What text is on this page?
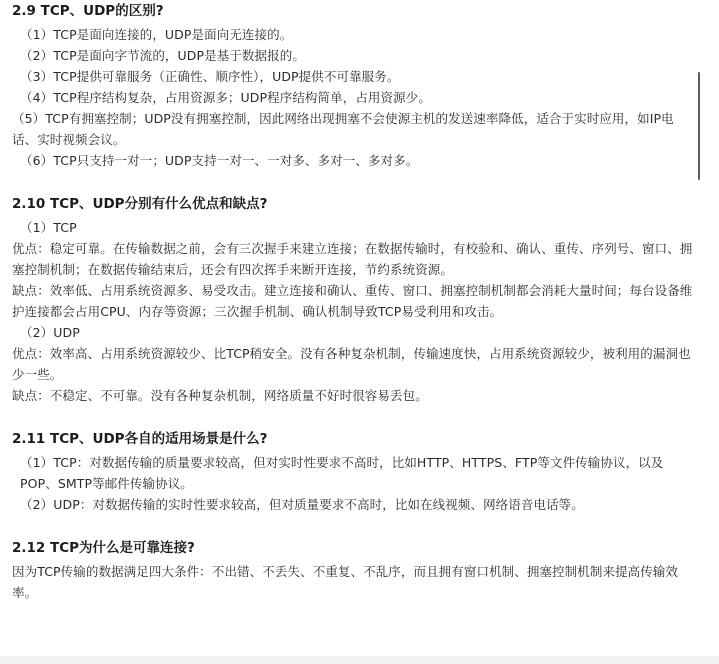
2.9 TCP、UDP的区别?

（1）TCP是面向连接的，UDP是面向无连接的。

（2）TCP是面向字节流的，UDP是基于数据报的。

（3）TCP提供可靠服务（正确性、顺序性），UDP提供不可靠服务。

（4）TCP程序结构复杂，占用资源多；UDP程序结构简单，占用资源少。

（5）TCP有拥塞控制；UDP没有拥塞控制，因此网络出现拥塞不会使源主机的发送速率降低，适合于实时应用，如IP电话、实时视频会议。

（6）TCP只支持一对一；UDP支持一对一、一对多、多对一、多对多。

2.10 TCP、UDP分别有什么优点和缺点?

（1）TCP

优点：稳定可靠。在传输数据之前，会有三次握手来建立连接；在数据传输时，有校验和、确认、重传、序列号、窗口、拥塞控制机制；在数据传输结束后，还会有四次挥手来断开连接，节约系统资源。

缺点：效率低、占用系统资源多、易受攻击。建立连接和确认、重传、窗口、拥塞控制机制都会消耗大量时间；每台设备维护连接都会占用CPU、内存等资源；三次握手机制、确认机制导致TCP易受利用和攻击。

（2）UDP

优点：效率高、占用系统资源较少、比TCP稍安全。没有各种复杂机制，传输速度快，占用系统资源较少，被利用的漏洞也少一些。

缺点：不稳定、不可靠。没有各种复杂机制，网络质量不好时很容易丢包。

2.11 TCP、UDP各自的适用场景是什么?

（1）TCP：对数据传输的质量要求较高，但对实时性要求不高时，比如HTTP、HTTPS、FTP等文件传输协议，以及POP、SMTP等邮件传输协议。

（2）UDP：对数据传输的实时性要求较高，但对质量要求不高时，比如在线视频、网络语音电话等。

2.12 TCP为什么是可靠连接?

因为TCP传输的数据满足四大条件：不出错、不丢失、不重复、不乱序，而且拥有窗口机制、拥塞控制机制来提高传输效率。
